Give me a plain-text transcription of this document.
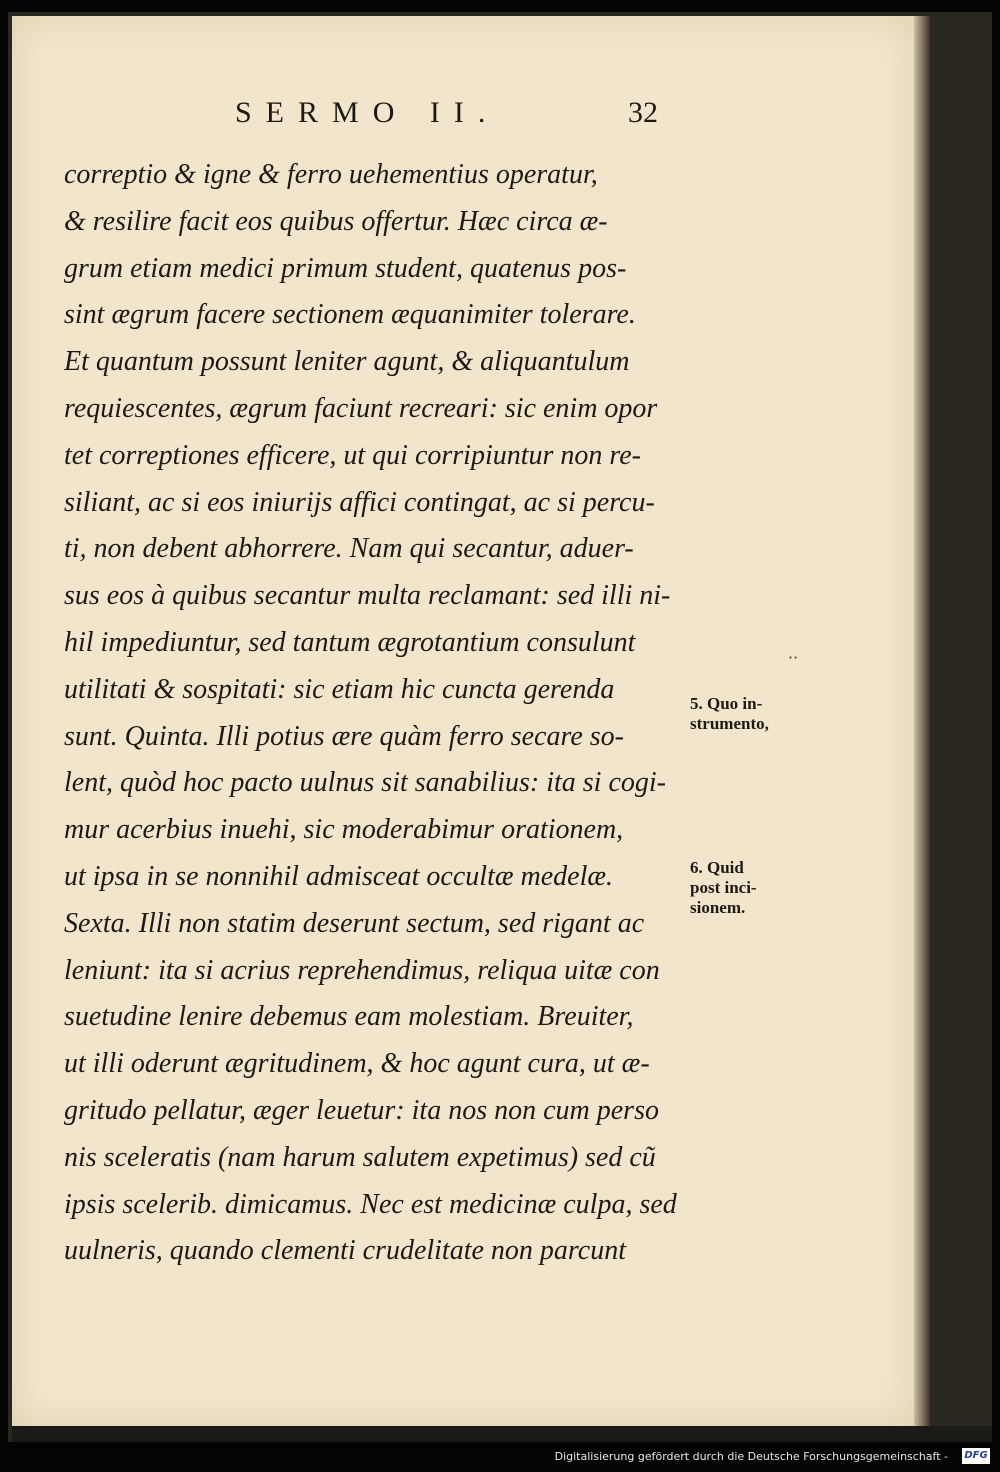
SERMO II.	32
correptio & igne & ferro uehementius operatur,
& resilire facit eos quibus offertur. Hæc circa æ-
grum etiam medici primum student, quatenus pos-
sint ægrum facere sectionem æquanimiter tolerare.
Et quantum possunt leniter agunt, & aliquantulum
requiescentes, ægrum faciunt recreari: sic enim opor
tet correptiones efficere, ut qui corripiuntur non re-
siliant, ac si eos iniurijs affici contingat, ac si percu-
ti, non debent abhorrere. Nam qui secantur, aduer-
sus eos à quibus secantur multa reclamant: sed illi ni-
hil impediuntur, sed tantum ægrotantium consulunt
utilitati & sospitati: sic etiam hic cuncta gerenda
sunt. Quinta. Illi potius ære quàm ferro secare so-
lent, quòd hoc pacto uulnus sit sanabilius: ita si cogi-
mur acerbius inuehi, sic moderabimur orationem,
ut ipsa in se nonnihil admisceat occultæ medelæ.
Sexta. Illi non statim deserunt sectum, sed rigant ac
leniunt: ita si acrius reprehendimus, reliqua uitæ con
suetudine lenire debemus eam molestiam. Breuiter,
ut illi oderunt ægritudinem, & hoc agunt cura, ut æ-
gritudo pellatur, æger leuetur: ita nos non cum perso
nis sceleratis (nam harum salutem expetimus) sed cũ
ipsis scelerib. dimicamus. Nec est medicinæ culpa, sed
uulneris, quando clementi crudelitate non parcunt
··
5. Quo in-
strumento,
6. Quid
post inci-
sionem.
Digitalisierung gefördert durch die Deutsche Forschungsgemeinschaft - DFG
